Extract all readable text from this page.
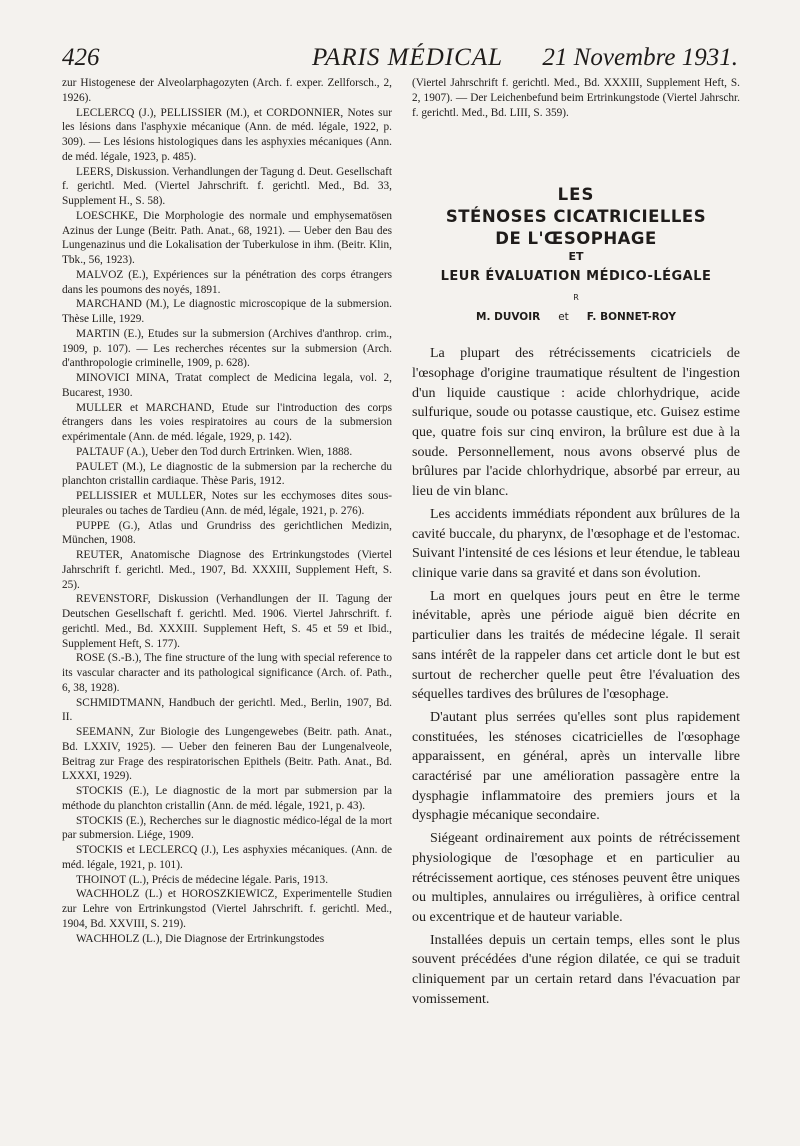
426	PARIS MÉDICAL 21 Novembre 1931.

zur Histogenese der Alveolarphagozyten (Arch. f. exper. Zellforsch., 2, 1926).

LECLERCQ (J.), PELLISSIER (M.), et CORDONNIER, Notes sur les lésions dans l'asphyxie mécanique (Ann. de méd. légale, 1922, p. 309). — Les lésions histologiques dans les asphyxies mécaniques (Ann. de méd. légale, 1923, p. 485).

LEERS, Diskussion. Verhandlungen der Tagung d. Deut. Gesellschaft f. gerichtl. Med. (Viertel Jahrschrift. f. gerichtl. Med., Bd. 33, Supplement H., S. 58).

LOESCHKE, Die Morphologie des normale und emphysematösen Azinus der Lunge (Beitr. Path. Anat., 68, 1921). — Ueber den Bau des Lungenazinus und die Lokalisation der Tuberkulose in ihm. (Beitr. Klin, Tbk., 56, 1923).

MALVOZ (E.), Expériences sur la pénétration des corps étrangers dans les poumons des noyés, 1891.

MARCHAND (M.), Le diagnostic microscopique de la submersion. Thèse Lille, 1929.

MARTIN (E.), Etudes sur la submersion (Archives d'anthrop. crim., 1909, p. 107). — Les recherches récentes sur la submersion (Arch. d'anthropologie criminelle, 1909, p. 628).

MINOVICI MINA, Tratat complect de Medicina legala, vol. 2, Bucarest, 1930.

MULLER et MARCHAND, Etude sur l'introduction des corps étrangers dans les voies respiratoires au cours de la submersion expérimentale (Ann. de méd. légale, 1929, p. 142).

PALTAUF (A.), Ueber den Tod durch Ertrinken. Wien, 1888.

PAULET (M.), Le diagnostic de la submersion par la recherche du planchton cristallin cardiaque. Thèse Paris, 1912.

PELLISSIER et MULLER, Notes sur les ecchymoses dites sous-pleurales ou taches de Tardieu (Ann. de méd, légale, 1921, p. 276).

PUPPE (G.), Atlas und Grundriss des gerichtlichen Medizin, München, 1908.

REUTER, Anatomische Diagnose des Ertrinkungstodes (Viertel Jahrschrift f. gerichtl. Med., 1907, Bd. XXXIII, Supplement Heft, S. 25).

REVENSTORF, Diskussion (Verhandlungen der II. Tagung der Deutschen Gesellschaft f. gerichtl. Med. 1906. Viertel Jahrschrift. f. gerichtl. Med., Bd. XXXIII. Supplement Heft, S. 45 et 59 et Ibid., Supplement Heft, S. 177).

ROSE (S.-B.), The fine structure of the lung with special reference to its vascular character and its pathological significance (Arch. of. Path., 6, 38, 1928).

SCHMIDTMANN, Handbuch der gerichtl. Med., Berlin, 1907, Bd. II.

SEEMANN, Zur Biologie des Lungengewebes (Beitr. path. Anat., Bd. LXXIV, 1925). — Ueber den feineren Bau der Lungenalveole, Beitrag zur Frage des respiratorischen Epithels (Beitr. Path. Anat., Bd. LXXXI, 1929).

STOCKIS (E.), Le diagnostic de la mort par submersion par la méthode du planchton cristallin (Ann. de méd. légale, 1921, p. 43).

STOCKIS (E.), Recherches sur le diagnostic médico-légal de la mort par submersion. Liége, 1909.

STOCKIS et LECLERCQ (J.), Les asphyxies mécaniques. (Ann. de méd. légale, 1921, p. 101).

THOINOT (L.), Précis de médecine légale. Paris, 1913.

WACHHOLZ (L.) et HOROSZKIEWICZ, Experimentelle Studien zur Lehre von Ertrinkungstod (Viertel Jahrschrift. f. gerichtl. Med., 1904, Bd. XXVIII, S. 219).

WACHHOLZ (L.), Die Diagnose der Ertrinkungstodes

(Viertel Jahrschrift f. gerichtl. Med., Bd. XXXIII, Supplement Heft, S. 2, 1907). — Der Leichenbefund beim Ertrinkungstode (Viertel Jahrschr. f. gerichtl. Med., Bd. LIII, S. 359).

LES
STÉNOSES CICATRICIELLES
DE L'ŒSOPHAGE
ET
LEUR ÉVALUATION MÉDICO-LÉGALE
R
M. DUVOIR et F. BONNET-ROY

La plupart des rétrécissements cicatriciels de l'œsophage d'origine traumatique résultent de l'ingestion d'un liquide caustique : acide chlorhydrique, acide sulfurique, soude ou potasse caustique, etc. Guisez estime que, quatre fois sur cinq environ, la brûlure est due à la soude. Personnellement, nous avons observé plus de brûlures par l'acide chlorhydrique, absorbé par erreur, au lieu de vin blanc.

Les accidents immédiats répondent aux brûlures de la cavité buccale, du pharynx, de l'œsophage et de l'estomac. Suivant l'intensité de ces lésions et leur étendue, le tableau clinique varie dans sa gravité et dans son évolution.

La mort en quelques jours peut en être le terme inévitable, après une période aiguë bien décrite en particulier dans les traités de médecine légale. Il serait sans intérêt de la rappeler dans cet article dont le but est surtout de rechercher quelle peut être l'évaluation des séquelles tardives des brûlures de l'œsophage.

D'autant plus serrées qu'elles sont plus rapidement constituées, les sténoses cicatricielles de l'œsophage apparaissent, en général, après un intervalle libre caractérisé par une amélioration passagère entre la dysphagie inflammatoire des premiers jours et la dysphagie mécanique secondaire.

Siégeant ordinairement aux points de rétrécissement physiologique de l'œsophage et en particulier au rétrécissement aortique, ces sténoses peuvent être uniques ou multiples, annulaires ou irrégulières, à orifice central ou excentrique et de hauteur variable.

Installées depuis un certain temps, elles sont le plus souvent précédées d'une région dilatée, ce qui se traduit cliniquement par un certain retard dans l'évacuation par vomissement.
